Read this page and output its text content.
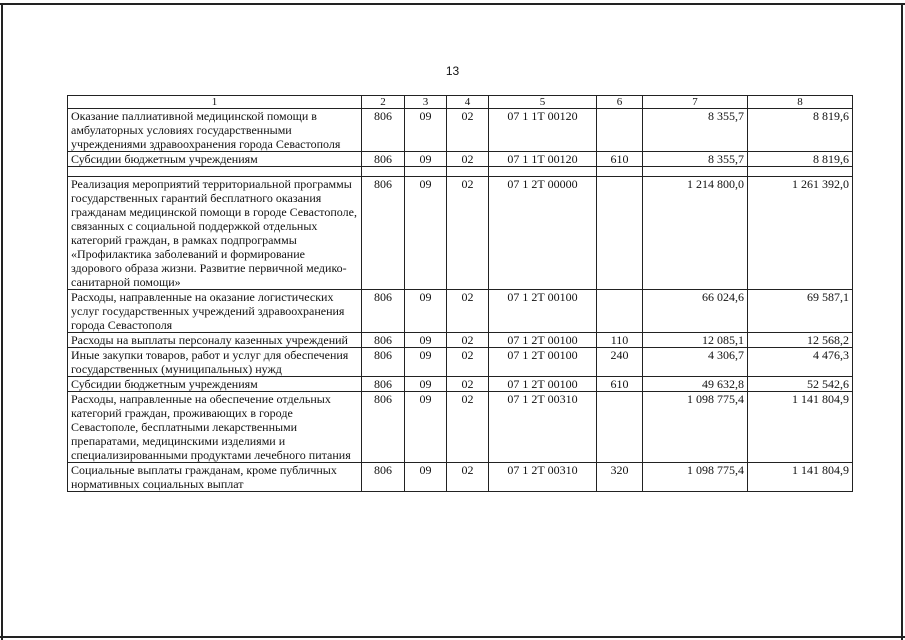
13
1	2	3	4	5	6	7	8
Оказание паллиативной медицинской помощи в амбулаторных условиях государственными учреждениями здравоохранения города Севастополя	806	09	02	07 1 1Т 00120		8 355,7	8 819,6
Субсидии бюджетным учреждениям	806	09	02	07 1 1Т 00120	610	8 355,7	8 819,6

Реализация мероприятий территориальной программы государственных гарантий бесплатного оказания гражданам медицинской помощи в городе Севастополе, связанных с социальной поддержкой отдельных категорий граждан, в рамках подпрограммы «Профилактика заболеваний и формирование здорового образа жизни. Развитие первичной медико-санитарной помощи»	806	09	02	07 1 2Т 00000		1 214 800,0	1 261 392,0
Расходы, направленные на оказание логистических услуг государственных учреждений здравоохранения города Севастополя	806	09	02	07 1 2Т 00100		66 024,6	69 587,1
Расходы на выплаты персоналу казенных учреждений	806	09	02	07 1 2Т 00100	110	12 085,1	12 568,2
Иные закупки товаров, работ и услуг для обеспечения государственных (муниципальных) нужд	806	09	02	07 1 2Т 00100	240	4 306,7	4 476,3
Субсидии бюджетным учреждениям	806	09	02	07 1 2Т 00100	610	49 632,8	52 542,6
Расходы, направленные на обеспечение отдельных категорий граждан, проживающих в городе Севастополе, бесплатными лекарственными препаратами, медицинскими изделиями и специализированными продуктами лечебного питания	806	09	02	07 1 2Т 00310		1 098 775,4	1 141 804,9
Социальные выплаты гражданам, кроме публичных нормативных социальных выплат	806	09	02	07 1 2Т 00310	320	1 098 775,4	1 141 804,9
